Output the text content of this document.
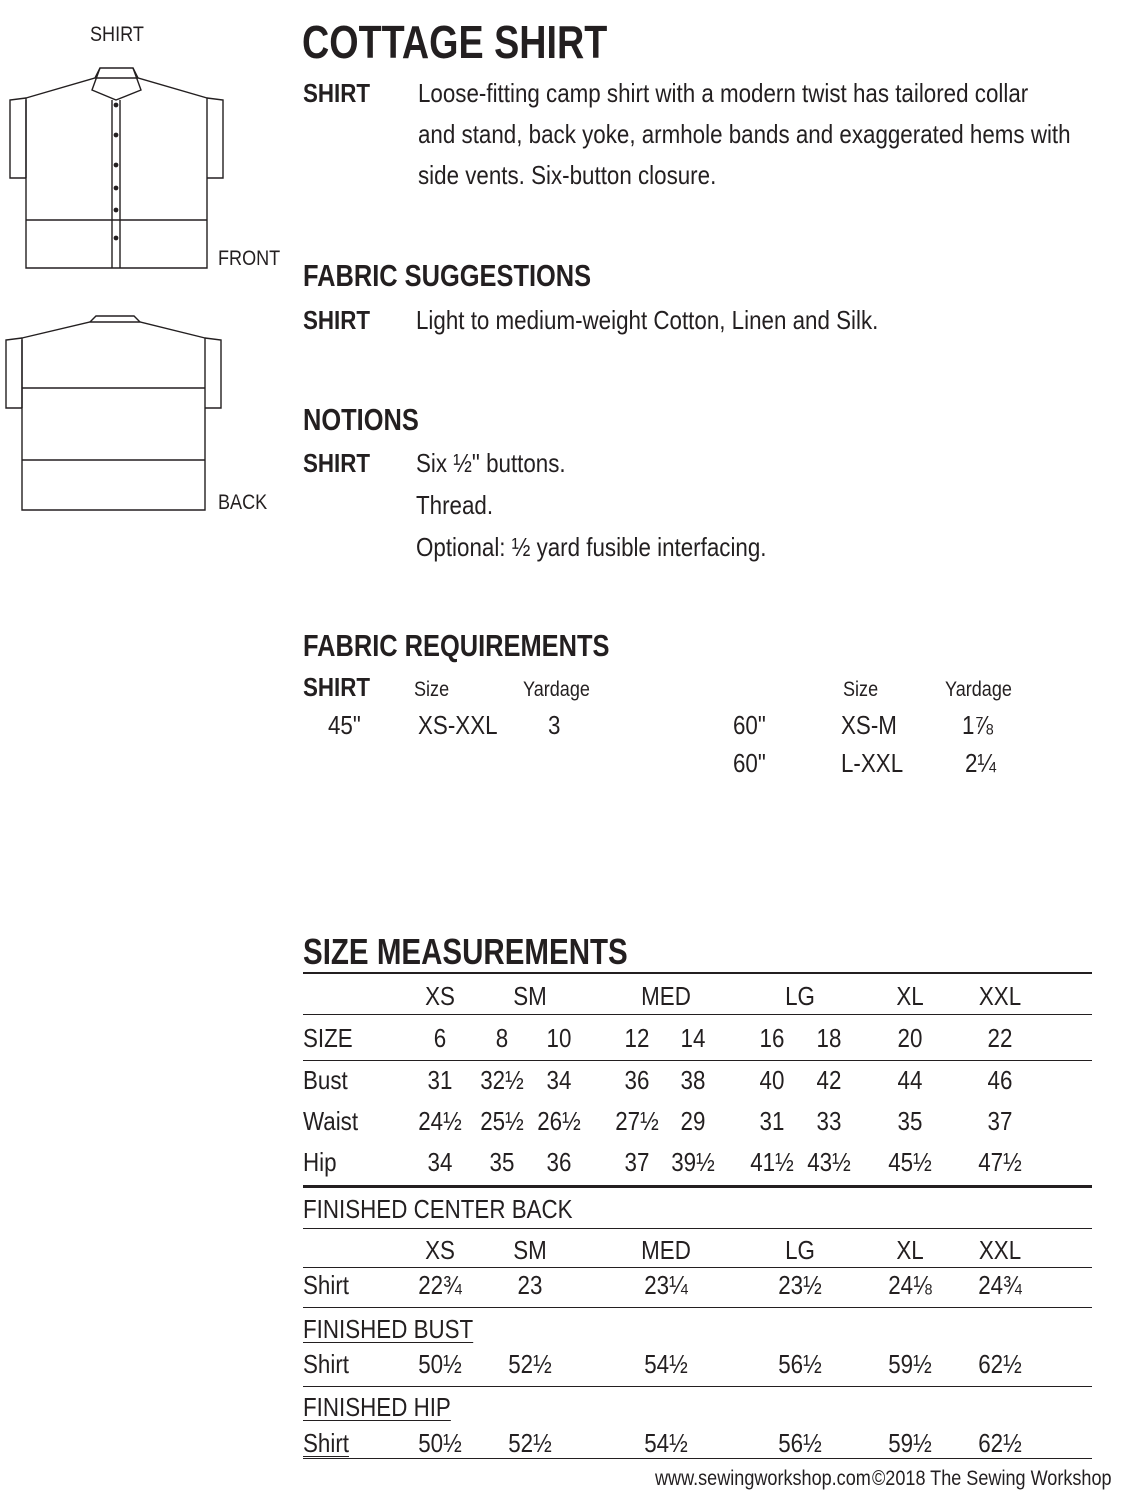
SHIRT
FRONT
BACK
COTTAGE SHIRT
SHIRT Loose-fitting camp shirt with a modern twist has tailored collar
and stand, back yoke, armhole bands and exaggerated hems with
side vents. Six-button closure.
FABRIC SUGGESTIONS
SHIRT Light to medium-weight Cotton, Linen and Silk.
NOTIONS
SHIRT Six ½" buttons.
Thread.
Optional: ½ yard fusible interfacing.
FABRIC REQUIREMENTS
SHIRT Size	Yardage	Size	Yardage
45" XS-XXL 3	60"	XS-M	1⅞
60"	L-XXL 2¼
SIZE MEASUREMENTS
XS	SM	MED	LG	XL	XXL
SIZE	6	8	10	12	14	16	18	20	22
Bust	31	32½ 34	36	38	40	42	44	46
Waist	24½ 25½ 26½	27½ 29	31	33	35	37
Hip	34	35	36	37 39½	41½ 43½	45½	47½
FINISHED CENTER BACK
XS	SM	MED	LG	XL	XXL
Shirt	22¾	23	23¼	23½	24⅛	24¾
FINISHED BUST
Shirt	50½	52½	54½	56½	59½	62½
FINISHED HIP
Shirt	50½	52½	54½	56½	59½	62½
www.sewingworkshop.com ©2018 The Sewing Workshop
